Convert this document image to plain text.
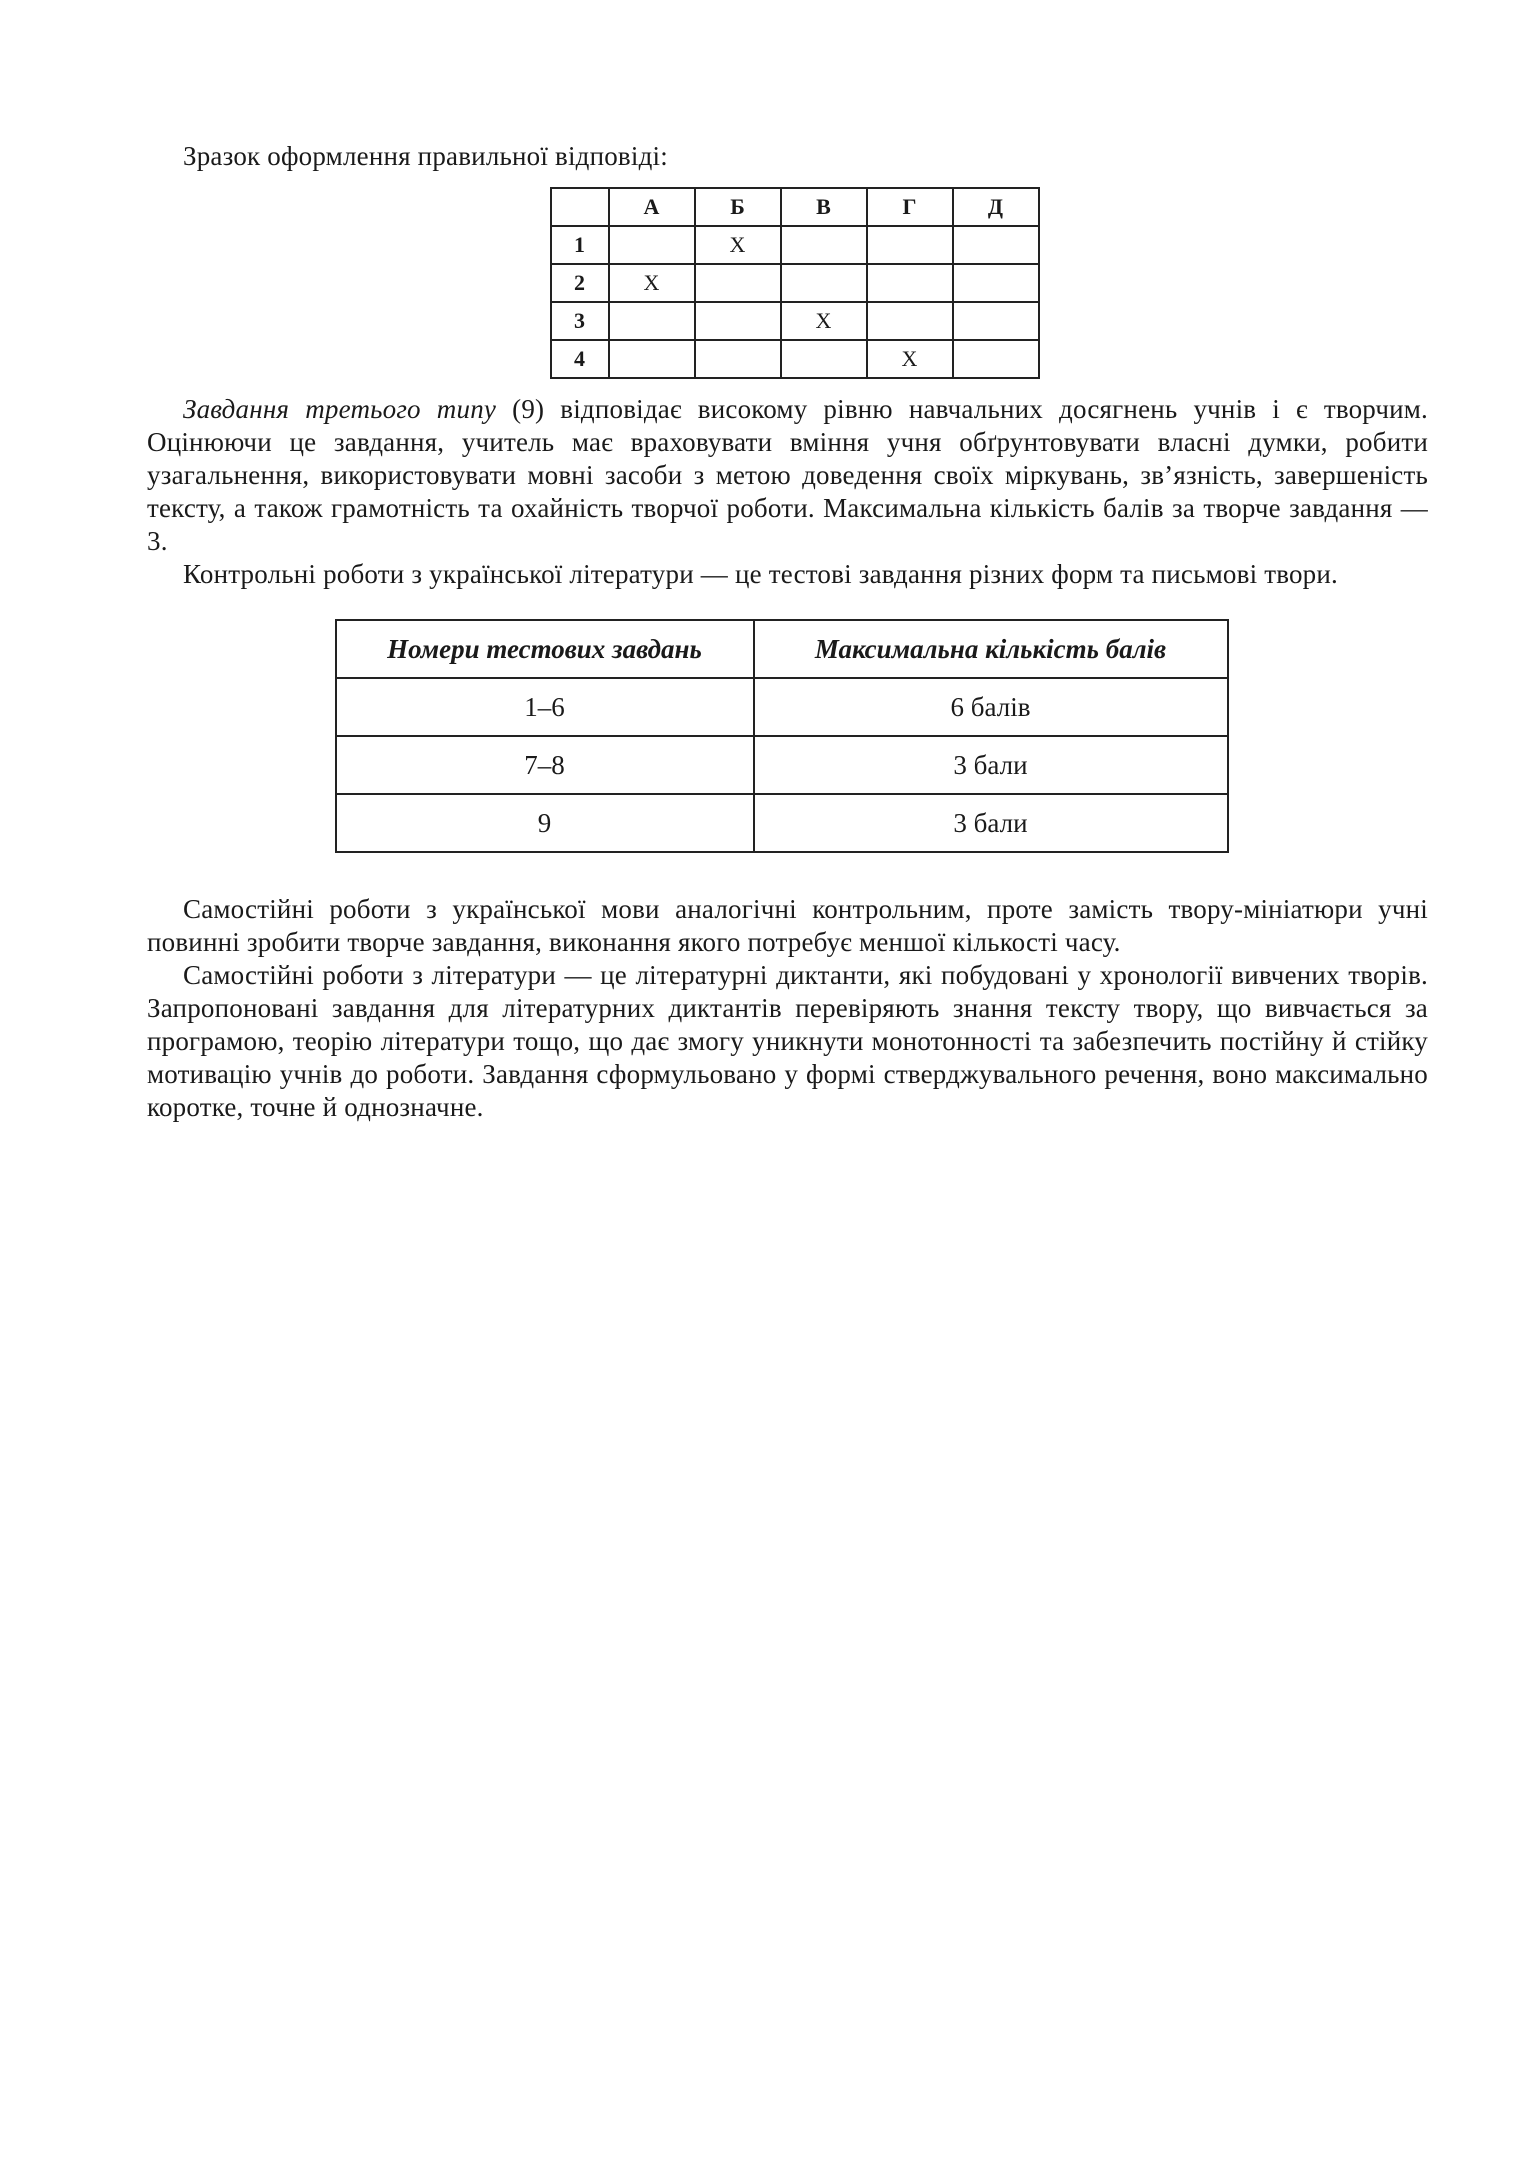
Зразок оформлення правильної відповіді:

	А	Б	В	Г	Д
1		X			
2	X				
3			X		
4				X	

Завдання третього типу (9) відповідає високому рівню навчальних досягнень учнів і є творчим. Оцінюючи це завдання, учитель має враховувати вміння учня обґрунтовувати власні думки, робити узагальнення, використовувати мовні засоби з метою доведення своїх міркувань, зв’язність, завершеність тексту, а також грамотність та охайність творчої роботи. Максимальна кількість балів за творче завдання — 3.

Контрольні роботи з української літератури — це тестові завдання різних форм та письмові твори.

Номери тестових завдань	Максимальна кількість балів
1–6	6 балів
7–8	3 бали
9	3 бали

Самостійні роботи з української мови аналогічні контрольним, проте замість твору-мініатюри учні повинні зробити творче завдання, виконання якого потребує меншої кількості часу.

Самостійні роботи з літератури — це літературні диктанти, які побудовані у хронології вивчених творів. Запропоновані завдання для літературних диктантів перевіряють знання тексту твору, що вивчається за програмою, теорію літератури тощо, що дає змогу уникнути монотонності та забезпечить постійну й стійку мотивацію учнів до роботи. Завдання сформульовано у формі стверджувального речення, воно максимально коротке, точне й однозначне.
